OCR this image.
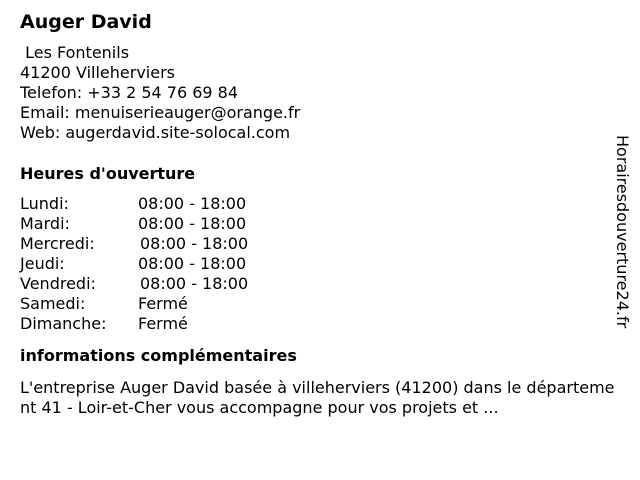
Auger David
Les Fontenils
41200 Villeherviers
Telefon: +33 2 54 76 69 84
Email: menuiserieauger@orange.fr
Web: augerdavid.site-solocal.com
Heures d'ouverture
Lundi:	08:00 - 18:00
Mardi:	08:00 - 18:00
Mercredi:	08:00 - 18:00
Jeudi:	08:00 - 18:00
Vendredi:	08:00 - 18:00
Samedi:	Fermé
Dimanche: Fermé
informations complémentaires
L'entreprise Auger David basée à villeherviers (41200) dans le département 41 - Loir-et-Cher vous accompagne pour vos projets et ...
Horairesdouverture24.fr
